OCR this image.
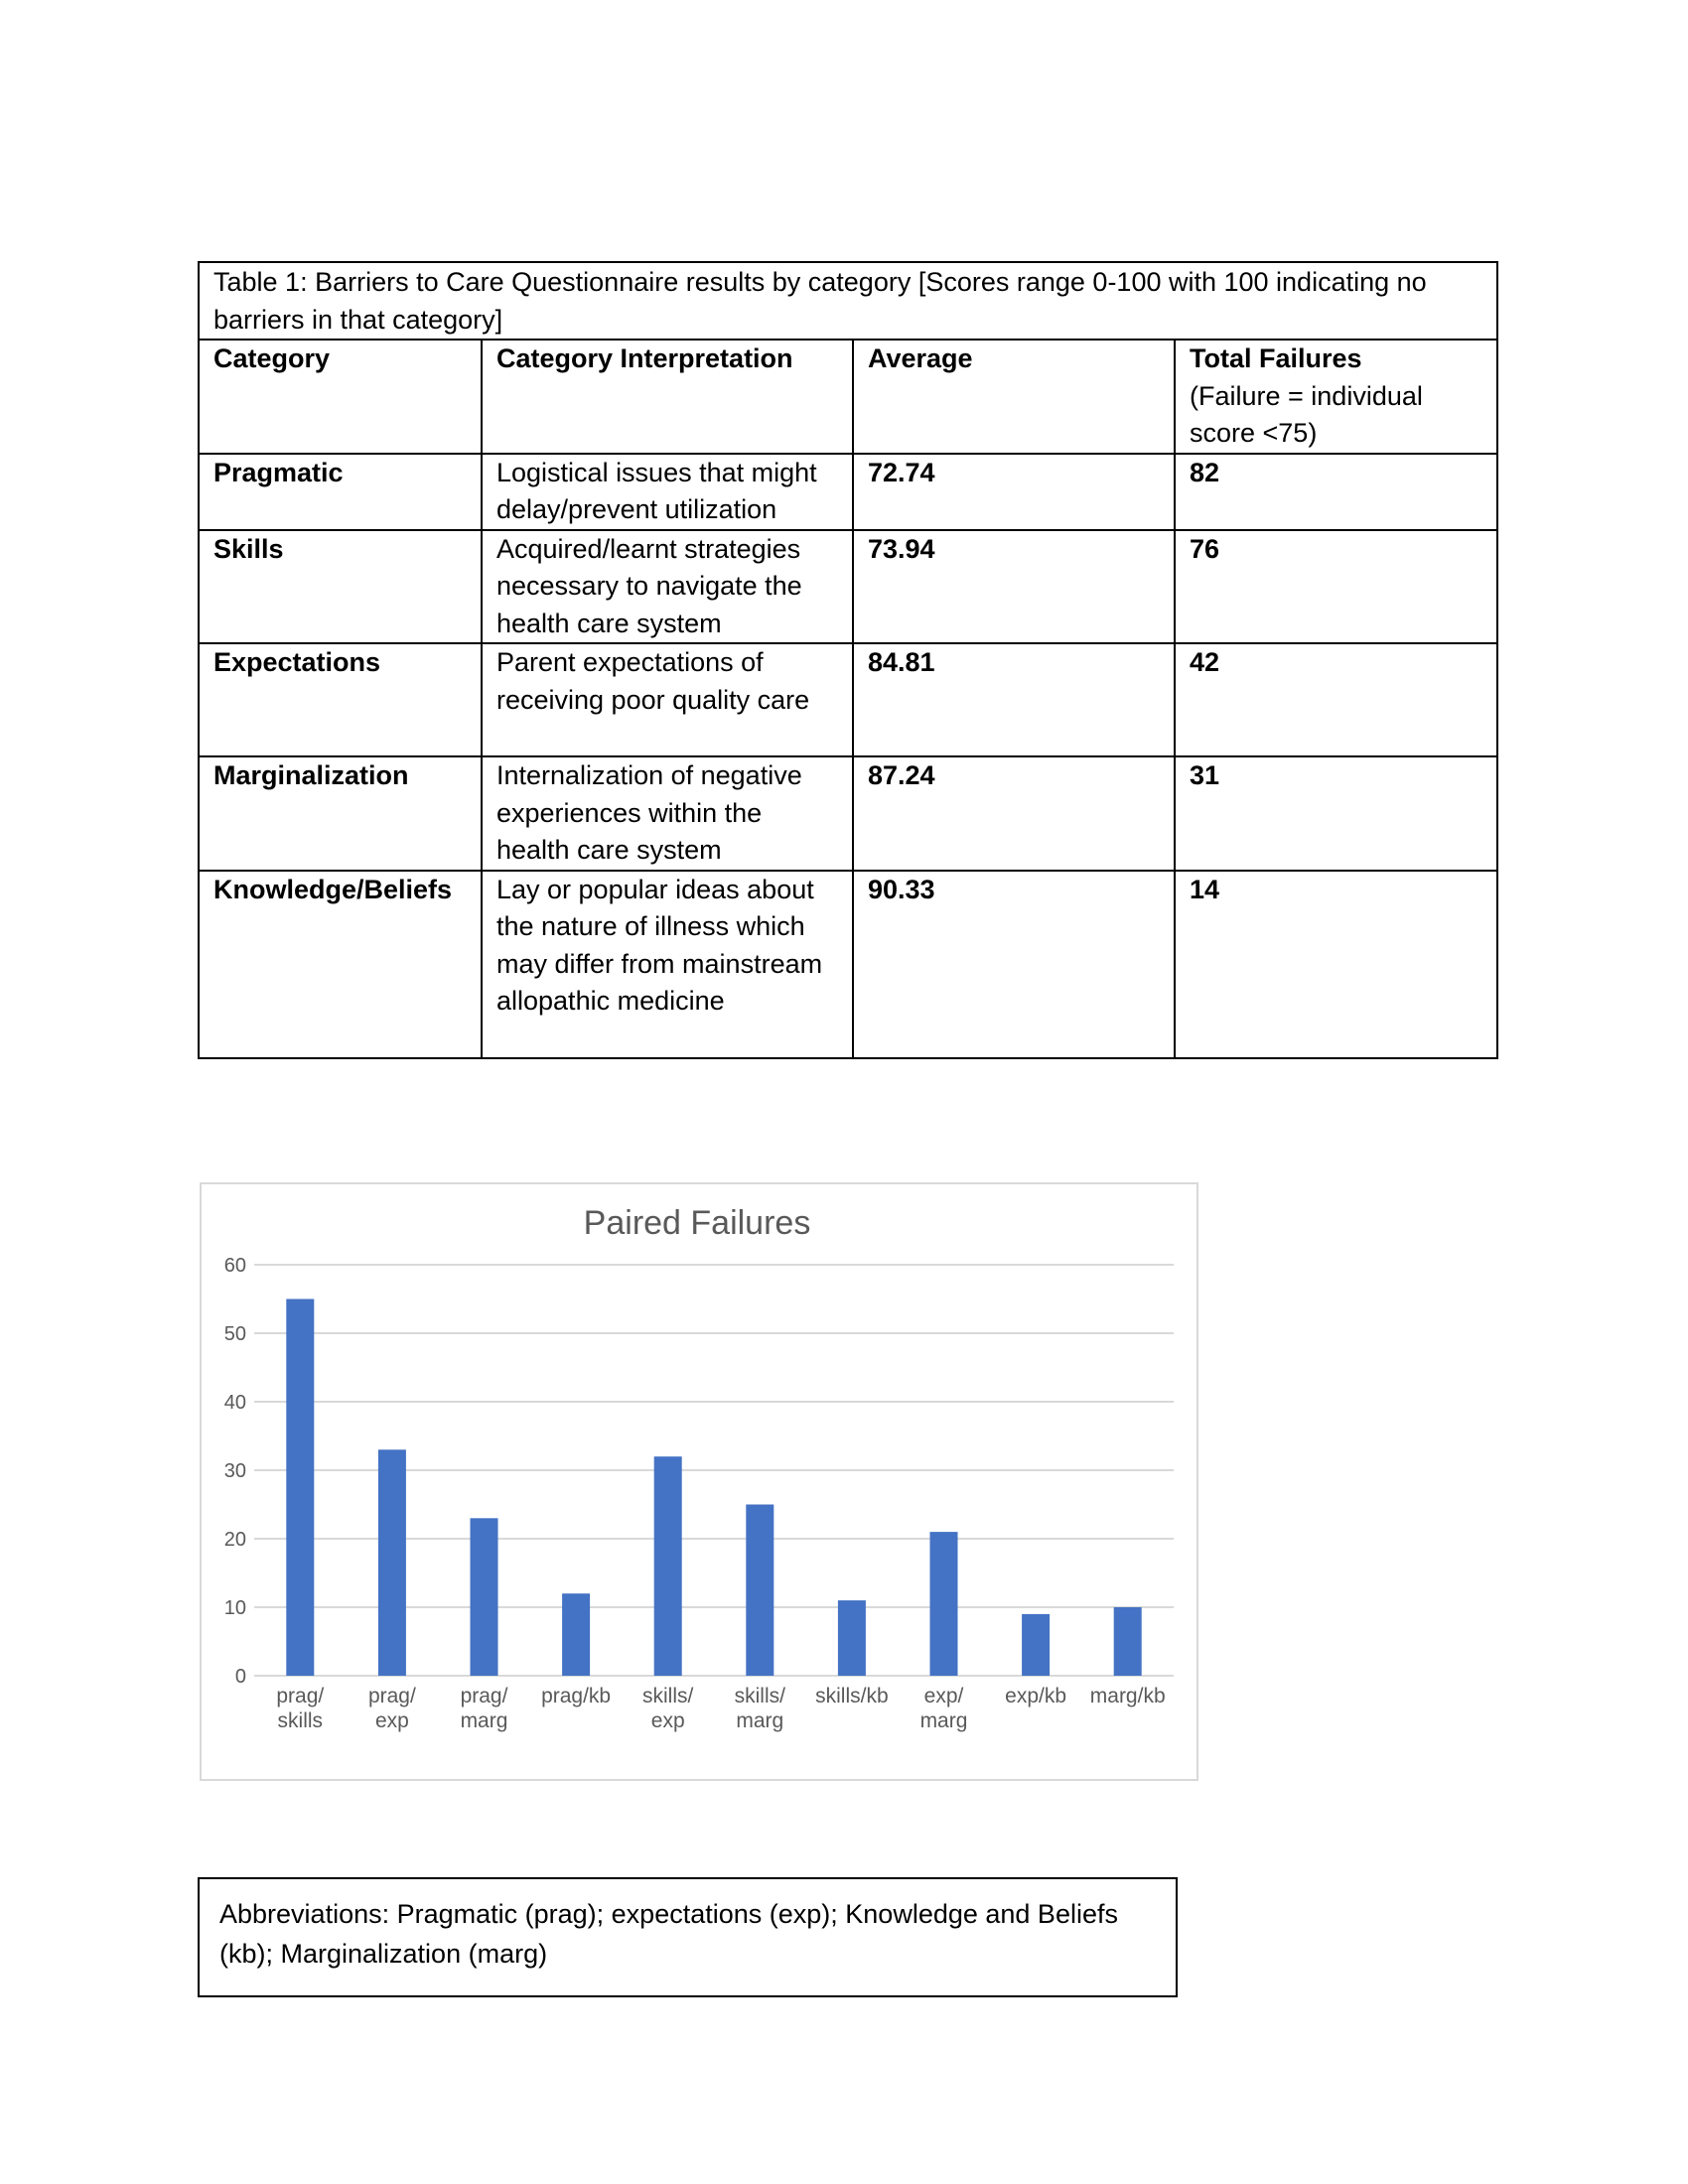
Table 1: Barriers to Care Questionnaire results by category [Scores range 0-100 with 100 indicating no barriers in that category]			
Category	Category Interpretation	Average	Total Failures
(Failure = individual score <75)
Pragmatic	Logistical issues that might delay/prevent utilization	72.74	82
Skills	Acquired/learnt strategies necessary to navigate the health care system	73.94	76
Expectations	Parent expectations of receiving poor quality care	84.81	42
Marginalization	Internalization of negative experiences within the health care system	87.24	31
Knowledge/Beliefs	Lay or popular ideas about the nature of illness which may differ from mainstream allopathic medicine	90.33	14
Paired Failures
0
10
20
30
40
50
60
prag/
skills
prag/
exp
prag/
marg
prag/kb skills/
exp
skills/
marg
skills/kb exp/
marg
exp/kb marg/kb
Abbreviations: Pragmatic (prag); expectations (exp); Knowledge and Beliefs (kb); Marginalization (marg)
